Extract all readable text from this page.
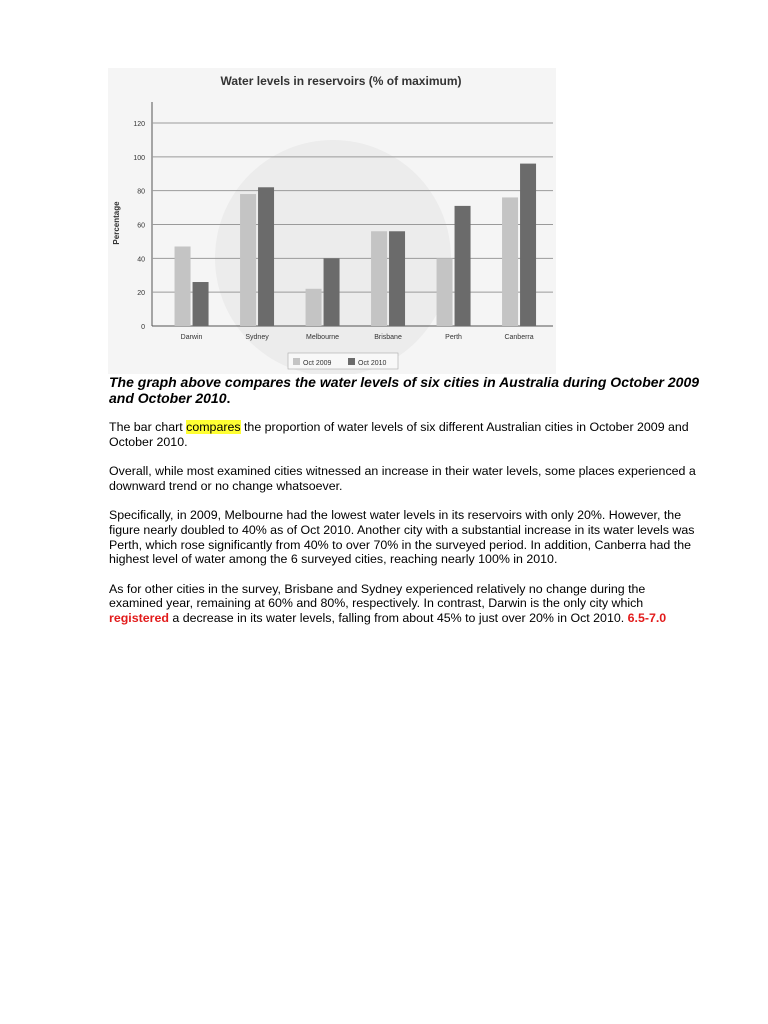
Water levels in reservoirs (% of maximum)
Percentage
0
20
40
60
80
100
120
Darwin	Sydney	Melbourne	Brisbane	Perth	Canberra
Oct 2009	Oct 2010

The graph above compares the water levels of six cities in Australia during October 2009 and October 2010.

The bar chart compares the proportion of water levels of six different Australian cities in October 2009 and October 2010.

Overall, while most examined cities witnessed an increase in their water levels, some places experienced a downward trend or no change whatsoever.

Specifically, in 2009, Melbourne had the lowest water levels in its reservoirs with only 20%. However, the figure nearly doubled to 40% as of Oct 2010. Another city with a substantial increase in its water levels was Perth, which rose significantly from 40% to over 70% in the surveyed period. In addition, Canberra had the highest level of water among the 6 surveyed cities, reaching nearly 100% in 2010.

As for other cities in the survey, Brisbane and Sydney experienced relatively no change during the examined year, remaining at 60% and 80%, respectively. In contrast, Darwin is the only city which registered a decrease in its water levels, falling from about 45% to just over 20% in Oct 2010. 6.5-7.0
